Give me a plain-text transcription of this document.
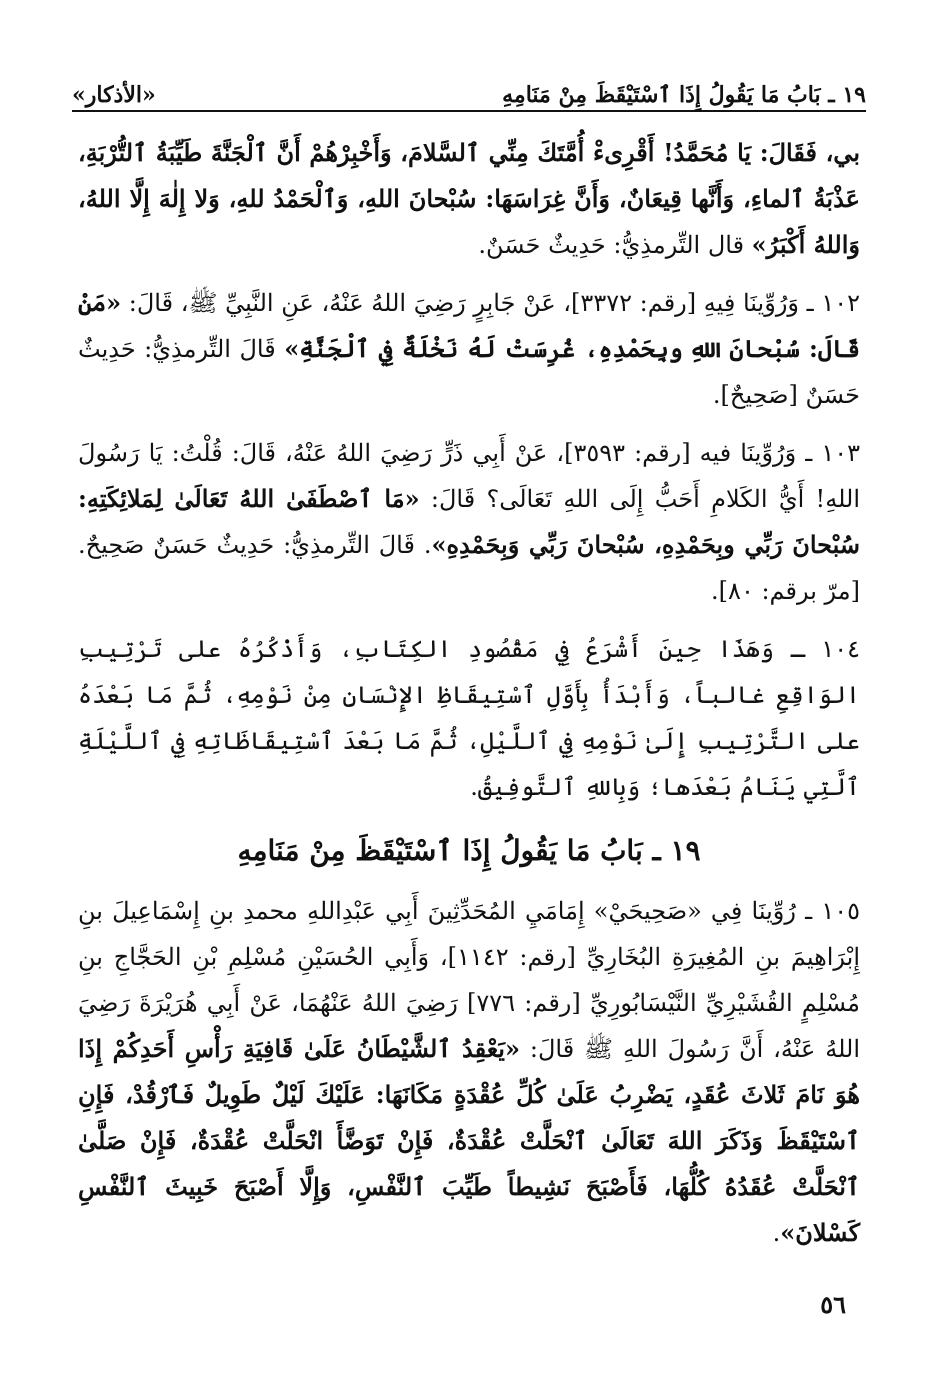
١٩ ـ بَابُ مَا يَقُولُ إِذَا ٱسْتَيْقَظَ مِنْ مَنَامِهِ
«الأذكار»

بي، فَقَالَ: يَا مُحَمَّدُ! أَقْرِىءْ أُمَّتَكَ مِنِّي ٱلسَّلامَ، وَأَخْبِرْهُمْ أَنَّ ٱلْجَنَّةَ طَيِّبَةُ ٱلتُّرْبَةِ، عَذْبَةُ ٱلماءِ، وَأَنَّها قِيعَانٌ، وَأَنَّ غِرَاسَهَا: سُبْحانَ اللهِ، وَٱلْحَمْدُ للهِ، وَلا إِلٰهَ إِلَّا اللهُ، وَاللهُ أَكْبَرُ» قال التِّرمذِيُّ: حَدِيثٌ حَسَنٌ.

١٠٢ ـ وَرُوِّينَا فِيهِ [رقم: ٣٣٧٢]، عَنْ جَابِرٍ رَضِيَ اللهُ عَنْهُ، عَنِ النَّبِيِّ ﷺ، قَالَ: «مَنْ قَالَ: سُبْحانَ اللهِ وبِحَمْدِهِ، غُرِسَتْ لَهُ نَخْلَةٌ فِي ٱلْجَنَّةِ» قَالَ التِّرمذِيُّ: حَدِيثٌ حَسَنٌ [صَحِيحٌ].

١٠٣ ـ وَرُوِّينَا فيه [رقم: ٣٥٩٣]، عَنْ أَبِي ذَرٍّ رَضِيَ اللهُ عَنْهُ، قَالَ: قُلْتُ: يَا رَسُولَ اللهِ! أَيُّ الكَلامِ أَحَبُّ إِلَى اللهِ تَعَالَى؟ قَالَ: «مَا ٱصْطَفَىٰ اللهُ تَعَالَىٰ لِمَلائِكَتِهِ: سُبْحانَ رَبِّي وبِحَمْدِهِ، سُبْحانَ رَبِّي وَبِحَمْدِهِ». قَالَ التِّرمذِيُّ: حَدِيثٌ حَسَنٌ صَحِيحٌ. [مرّ برقم: ٨٠].

١٠٤ ـ وَهَذَا حِينَ أَشْرَعُ فِي مَقْصُودِ الكِتَابِ، وَأَذْكُرُهُ على تَرْتِيبِ الوَاقِعِ غالباً، وَأَبْدَأُ بِأَوَّلِ ٱسْتِيقَاظِ الإِنْسَانِ مِنْ نَوْمِهِ، ثُمَّ مَا بَعْدَهُ على التَّرْتِيبِ إِلَىٰ نَوْمِهِ فِي ٱللَّيْلِ، ثُمَّ مَا بَعْدَ ٱسْتِيقَاظَاتِهِ فِي ٱللَّيْلَةِ ٱلَّتِي يَنَامُ بَعْدَها؛ وَبِاللهِ ٱلتَّوفِيقُ.

١٩ ـ بَابُ مَا يَقُولُ إِذَا ٱسْتَيْقَظَ مِنْ مَنَامِهِ

١٠٥ ـ رُوِّينَا فِي «صَحِيحَيْ» إِمَامَيِ المُحَدِّثِينَ أَبِي عَبْدِاللهِ محمدِ بنِ إِسْمَاعِيلَ بنِ إِبْرَاهِيمَ بنِ المُغِيرَةِ البُخَارِيِّ [رقم: ١١٤٢]، وَأَبِي الحُسَيْنِ مُسْلِمِ بْنِ الحَجَّاجِ بنِ مُسْلِمٍ القُشَيْرِيِّ النَّيْسَابُورِيِّ [رقم: ٧٧٦] رَضِيَ اللهُ عَنْهُمَا، عَنْ أَبِي هُرَيْرَةَ رَضِيَ اللهُ عَنْهُ، أَنَّ رَسُولَ اللهِ ﷺ قَالَ: «يَعْقِدُ ٱلشَّيْطَانُ عَلَىٰ قَافِيَةِ رَأْسِ أَحَدِكُمْ إِذَا هُوَ نَامَ ثَلاثَ عُقَدٍ، يَضْرِبُ عَلَىٰ كُلِّ عُقْدَةٍ مَكَانَهَا: عَلَيْكَ لَيْلٌ طَوِيلٌ فَٱرْقُدْ، فَإِنِ ٱسْتَيْقَظَ وَذَكَرَ اللهَ تَعَالَىٰ ٱنْحَلَّتْ عُقْدَةٌ، فَإِنْ تَوَضَّأَ انْحَلَّتْ عُقْدَةٌ، فَإِنْ صَلَّىٰ ٱنْحَلَّتْ عُقَدُهُ كُلُّهَا، فَأَصْبَحَ نَشِيطاً طَيِّبَ ٱلنَّفْسِ، وَإِلَّا أَصْبَحَ خَبِيثَ ٱلنَّفْسِ كَسْلانَ».

٥٦
